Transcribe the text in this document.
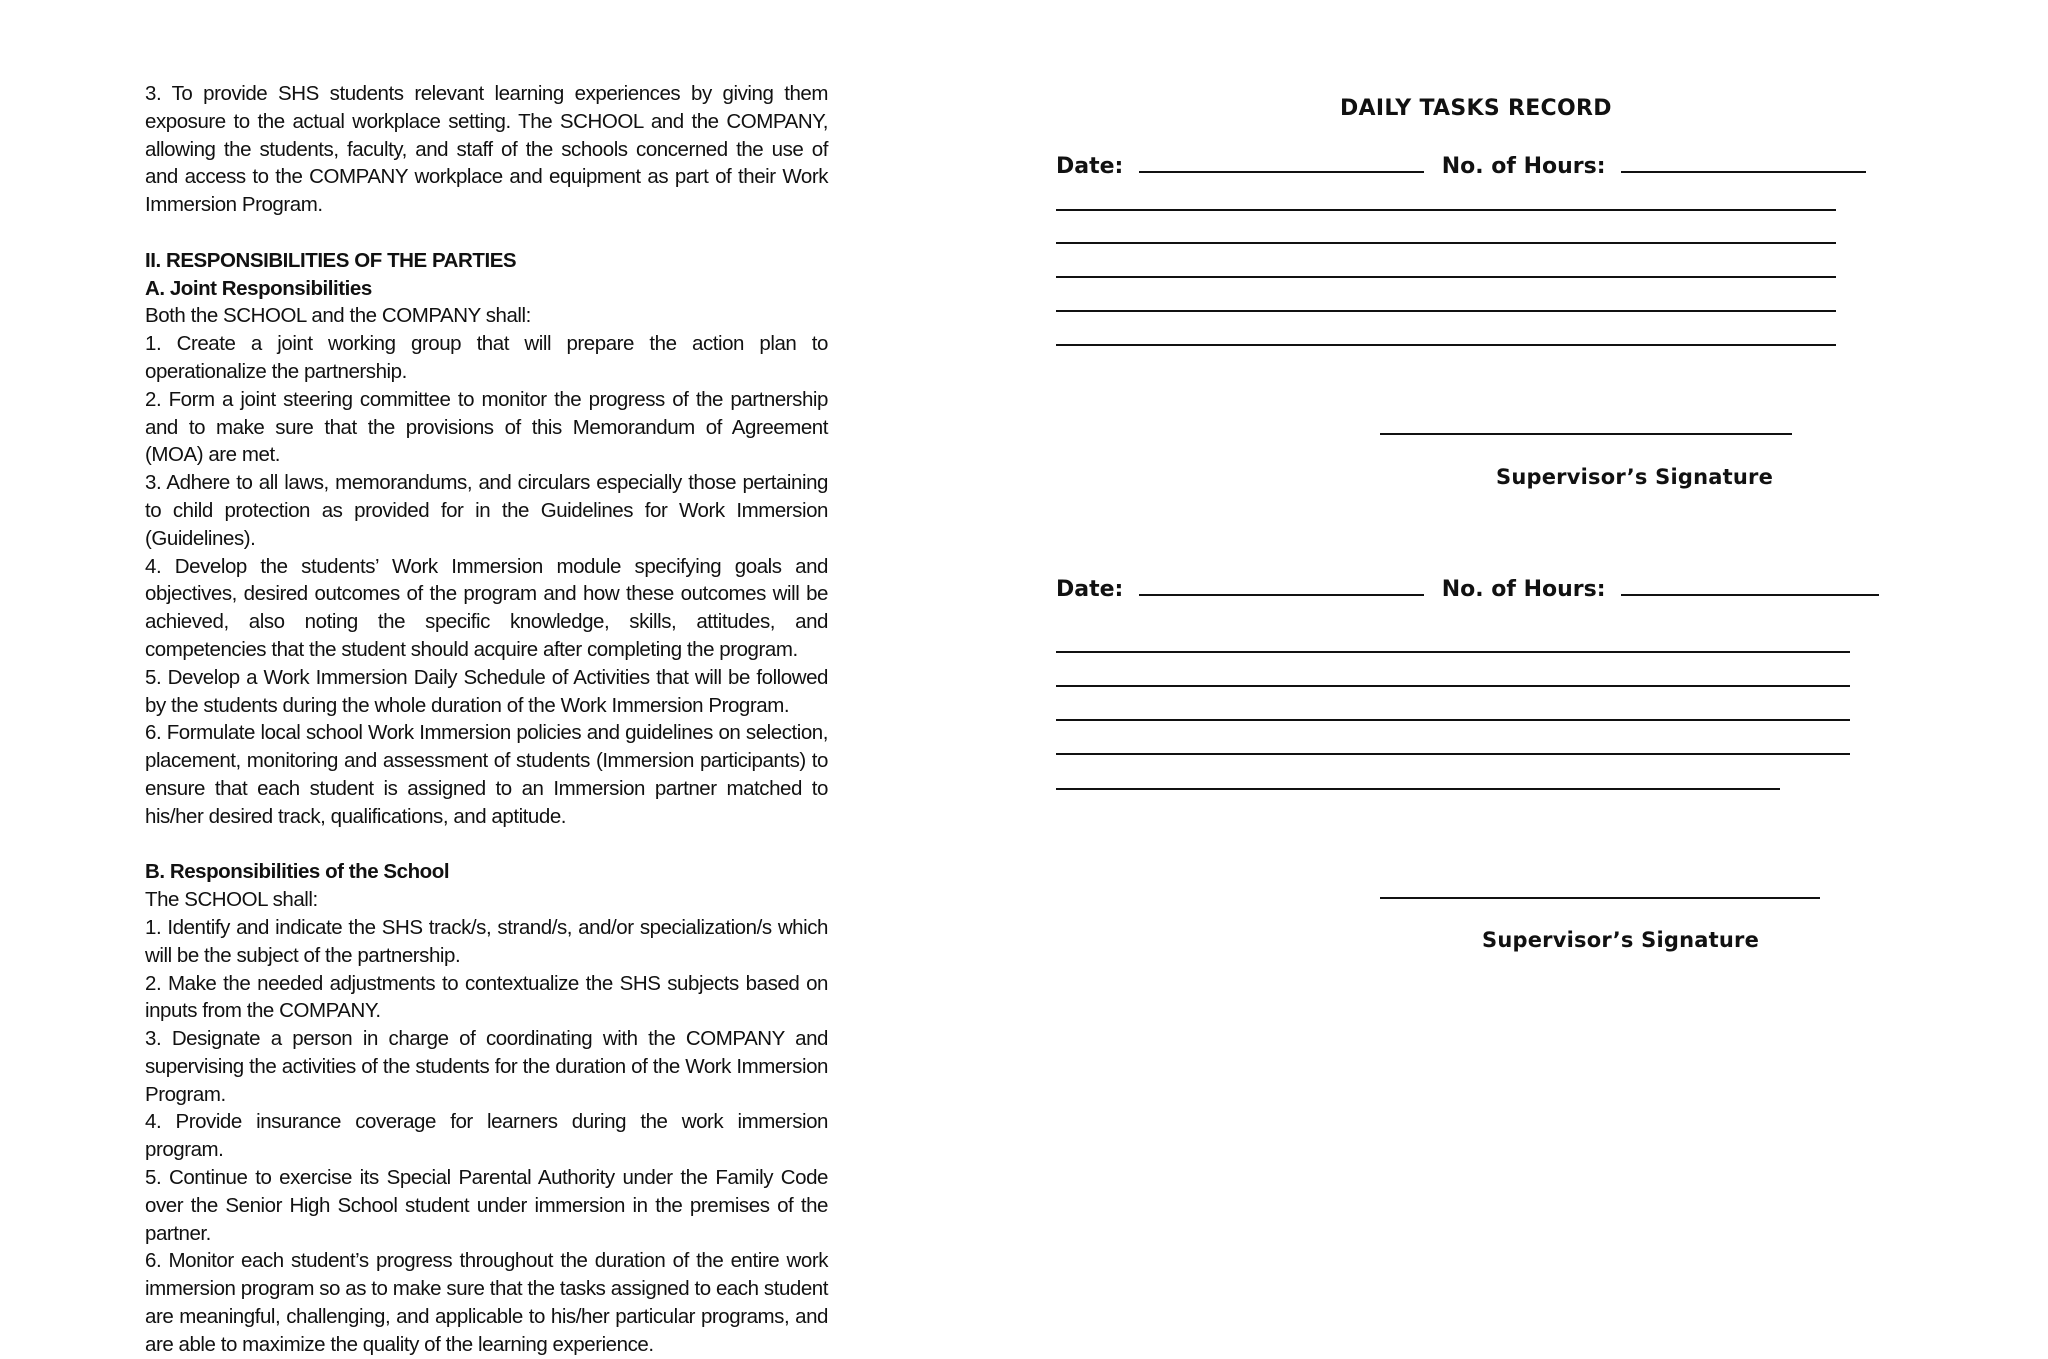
3. To provide SHS students relevant learning experiences by giving them exposure to the actual workplace setting. The SCHOOL and the COMPANY, allowing the students, faculty, and staff of the schools concerned the use of and access to the COMPANY workplace and equipment as part of their Work Immersion Program.

II. RESPONSIBILITIES OF THE PARTIES

A. Joint Responsibilities

Both the SCHOOL and the COMPANY shall:

1. Create a joint working group that will prepare the action plan to operationalize the partnership.

2. Form a joint steering committee to monitor the progress of the partnership and to make sure that the provisions of this Memorandum of Agreement (MOA) are met.

3. Adhere to all laws, memorandums, and circulars especially those pertaining to child protection as provided for in the Guidelines for Work Immersion (Guidelines).

4. Develop the students’ Work Immersion module specifying goals and objectives, desired outcomes of the program and how these outcomes will be achieved, also noting the specific knowledge, skills, attitudes, and competencies that the student should acquire after completing the program.

5. Develop a Work Immersion Daily Schedule of Activities that will be followed by the students during the whole duration of the Work Immersion Program.

6. Formulate local school Work Immersion policies and guidelines on selection, placement, monitoring and assessment of students (Immersion participants) to ensure that each student is assigned to an Immersion partner matched to his/her desired track, qualifications, and aptitude.

B. Responsibilities of the School

The SCHOOL shall:

1. Identify and indicate the SHS track/s, strand/s, and/or specialization/s which will be the subject of the partnership.

2. Make the needed adjustments to contextualize the SHS subjects based on inputs from the COMPANY.

3. Designate a person in charge of coordinating with the COMPANY and supervising the activities of the students for the duration of the Work Immersion Program.

4. Provide insurance coverage for learners during the work immersion program.

5. Continue to exercise its Special Parental Authority under the Family Code over the Senior High School student under immersion in the premises of the partner.

6. Monitor each student’s progress throughout the duration of the entire work immersion program so as to make sure that the tasks assigned to each student are meaningful, challenging, and applicable to his/her particular programs, and are able to maximize the quality of the learning experience.

DAILY TASKS RECORD
Date:	No. of Hours:
Supervisor’s Signature
Date:	No. of Hours:
Supervisor’s Signature
